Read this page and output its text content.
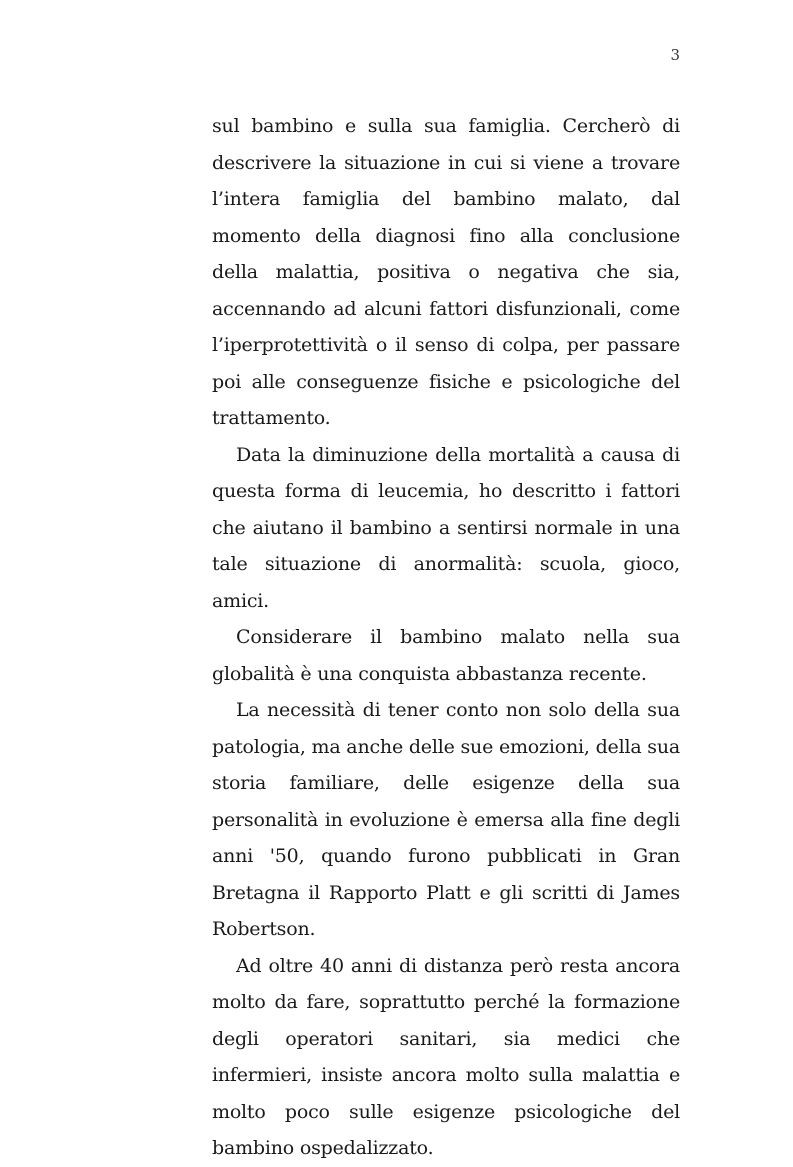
3

sul bambino e sulla sua famiglia. Cercherò di descrivere la situazione in cui si viene a trovare l’intera famiglia del bambino malato, dal momento della diagnosi fino alla conclusione della malattia, positiva o negativa che sia, accennando ad alcuni fattori disfunzionali, come l’iperprotettività o il senso di colpa, per passare poi alle conseguenze fisiche e psicologiche del trattamento.

Data la diminuzione della mortalità a causa di questa forma di leucemia, ho descritto i fattori che aiutano il bambino a sentirsi normale in una tale situazione di anormalità: scuola, gioco, amici.

Considerare il bambino malato nella sua globalità è una conquista abbastanza recente.

La necessità di tener conto non solo della sua patologia, ma anche delle sue emozioni, della sua storia familiare, delle esigenze della sua personalità in evoluzione è emersa alla fine degli anni '50, quando furono pubblicati in Gran Bretagna il Rapporto Platt e gli scritti di James Robertson.

Ad oltre 40 anni di distanza però resta ancora molto da fare, soprattutto perché la formazione degli operatori sanitari, sia medici che infermieri, insiste ancora molto sulla malattia e molto poco sulle esigenze psicologiche del bambino ospedalizzato.
